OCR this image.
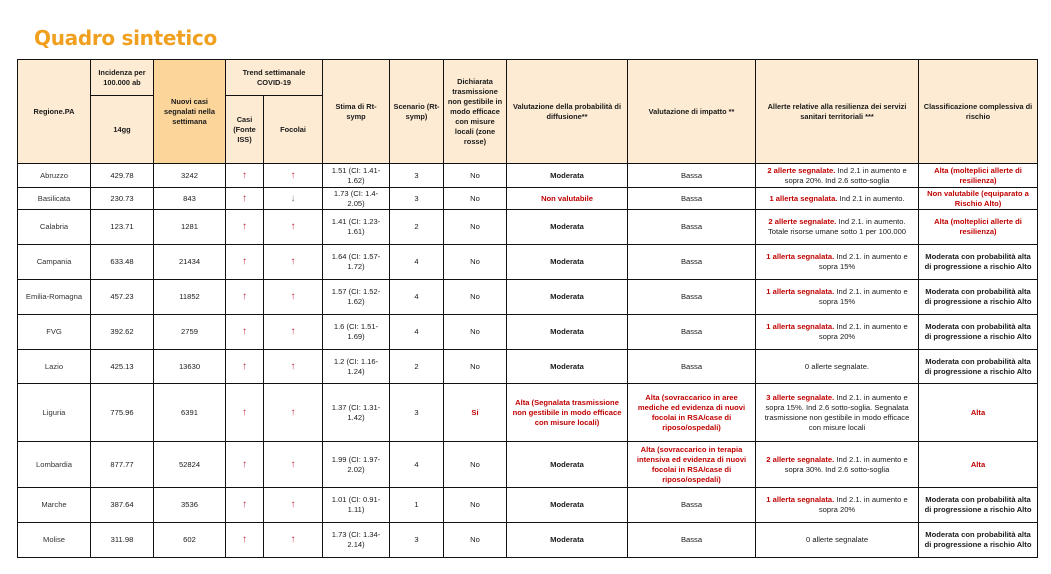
Quadro sintetico
Regione.PA	Incidenza per 100.000 ab	Nuovi casi segnalati nella settimana	Trend settimanale COVID-19		Stima di Rt-symp	Scenario (Rt-symp)	Dichiarata trasmissione non gestibile in modo efficace con misure locali (zone rosse)	Valutazione della probabilità di diffusione**	Valutazione di impatto **	Allerte relative alla resilienza dei servizi sanitari territoriali ***	Classificazione complessiva di rischio
	14gg		Casi (Fonte ISS)	Focolai							
Abruzzo	429.78	3242	↑	↑	1.51 (CI: 1.41-1.62)	3	No	Moderata	Bassa	2 allerte segnalate. Ind 2.1 in aumento e sopra 20%. Ind 2.6 sotto-soglia	Alta (molteplici allerte di resilienza)
Basilicata	230.73	843	↑	↓	1.73 (CI: 1.4-2.05)	3	No	Non valutabile	Bassa	1 allerta segnalata. Ind 2.1 in aumento.	Non valutabile (equiparato a Rischio Alto)
Calabria	123.71	1281	↑	↑	1.41 (CI: 1.23-1.61)	2	No	Moderata	Bassa	2 allerte segnalate. Ind 2.1. in aumento. Totale risorse umane sotto 1 per 100.000	Alta (molteplici allerte di resilienza)
Campania	633.48	21434	↑	↑	1.64 (CI: 1.57-1.72)	4	No	Moderata	Bassa	1 allerta segnalata. Ind 2.1. in aumento e sopra 15%	Moderata con probabilità alta di progressione a rischio Alto
Emilia-Romagna	457.23	11852	↑	↑	1.57 (CI: 1.52-1.62)	4	No	Moderata	Bassa	1 allerta segnalata. Ind 2.1. in aumento e sopra 15%	Moderata con probabilità alta di progressione a rischio Alto
FVG	392.62	2759	↑	↑	1.6 (CI: 1.51-1.69)	4	No	Moderata	Bassa	1 allerta segnalata. Ind 2.1. in aumento e sopra 20%	Moderata con probabilità alta di progressione a rischio Alto
Lazio	425.13	13630	↑	↑	1.2 (CI: 1.16-1.24)	2	No	Moderata	Bassa	0 allerte segnalate.	Moderata con probabilità alta di progressione a rischio Alto
Liguria	775.96	6391	↑	↑	1.37 (CI: 1.31-1.42)	3	Si	Alta (Segnalata trasmissione non gestibile in modo efficace con misure locali)	Alta (sovraccarico in aree mediche ed evidenza di nuovi focolai in RSA/case di riposo/ospedali)	3 allerte segnalate. Ind 2.1. in aumento e sopra 15%. Ind 2.6 sotto-soglia. Segnalata trasmissione non gestibile in modo efficace con misure locali	Alta
Lombardia	877.77	52824	↑	↑	1.99 (CI: 1.97-2.02)	4	No	Moderata	Alta (sovraccarico in terapia intensiva ed evidenza di nuovi focolai in RSA/case di riposo/ospedali)	2 allerte segnalate. Ind 2.1. in aumento e sopra 30%. Ind 2.6 sotto-soglia	Alta
Marche	387.64	3536	↑	↑	1.01 (CI: 0.91-1.11)	1	No	Moderata	Bassa	1 allerta segnalata. Ind 2.1. in aumento e sopra 20%	Moderata con probabilità alta di progressione a rischio Alto
Molise	311.98	602	↑	↑	1.73 (CI: 1.34-2.14)	3	No	Moderata	Bassa	0 allerte segnalate	Moderata con probabilità alta di progressione a rischio Alto
